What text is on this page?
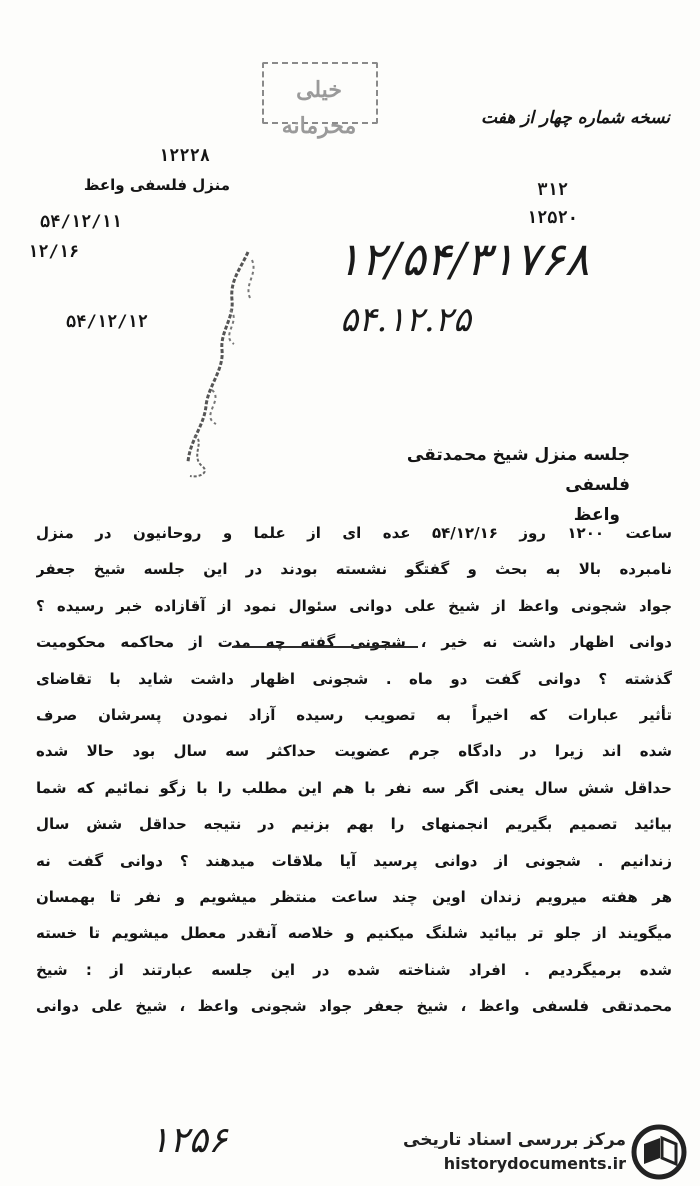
خیلی محرمانه	نسخه شماره چهار از هفت
۱۲۲۲۸
منزل فلسفی واعظ
۵۴/۱۲/۱۱
۱۲/۱۶
۵۴/۱۲/۱۲
۳۱۲
۱۲۵۲۰
۱۲/۵۴/۳۱۷۶۸
۵۴.۱۲.۲۵
جلسه منزل شیخ محمدتقی فلسفی
واعظ
ساعت ۱۲۰۰ روز ۵۴/۱۲/۱۶ عده ای از علما و روحانیون در منزل
نامبرده بالا به بحث و گفتگو نشسته بودند در این جلسه شیخ جعفر
جواد شجونی واعظ از شیخ علی دوانی سئوال نمود از آقازاده خبر رسیده ؟
دوانی اظهار داشت نه خیر ، شجونی گفته چه مدت از محاکمه محکومیت
گذشته ؟ دوانی گفت دو ماه . شجونی اظهار داشت شاید با تقاضای
تأثیر عبارات که اخیراً به تصویب رسیده آزاد نمودن پسرشان صرف
شده اند زیرا در دادگاه جرم عضویت حداکثر سه سال بود حالا شده
حداقل شش سال یعنی اگر سه نفر با هم این مطلب را با زگو نمائیم که شما
بیائید تصمیم بگیریم انجمنهای را بهم بزنیم در نتیجه حداقل شش سال
زندانیم . شجونی از دوانی پرسید آیا ملاقات میدهند ؟ دوانی گفت نه
هر هفته میرویم زندان اوین چند ساعت منتظر میشویم و نفر تا بهمسان
میگویند از جلو تر بیائید شلنگ میکنیم و خلاصه آنقدر معطل میشویم تا خسته
شده برمیگردیم . افراد شناخته شده در این جلسه عبارتند از : شیخ
محمدتقی فلسفی واعظ ، شیخ جعفر جواد شجونی واعظ ، شیخ علی دوانی
۱۲۵۶	مرکز بررسی اسناد تاریخی
historydocuments.ir
